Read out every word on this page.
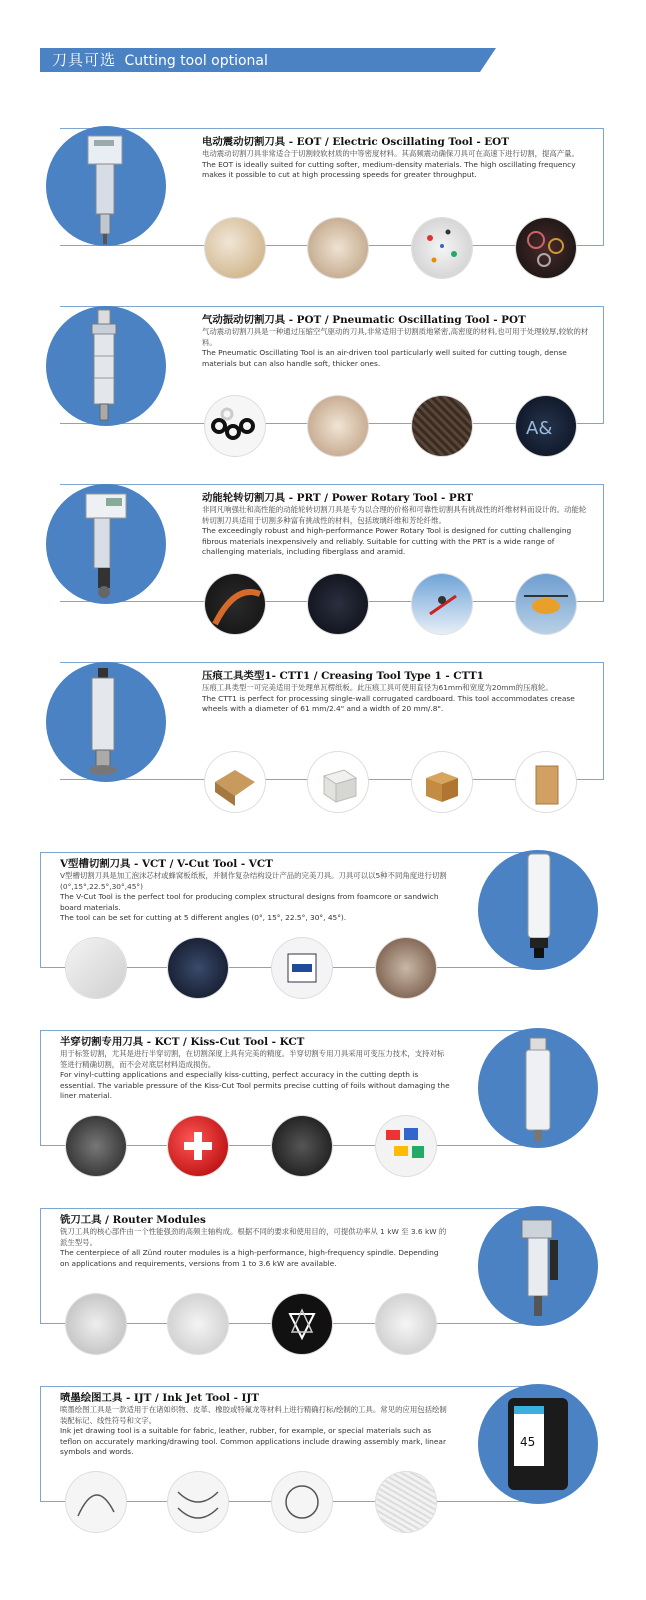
刀具可选 Cutting tool optional
电动震动切割刀具 - EOT / Electric Oscillating Tool - EOT
电动震动切割刀具非常适合于切割较软材质的中等密度材料。其高频震动确保刀具可在高速下进行切割，提高产量。
The EOT is ideally suited for cutting softer, medium-density materials. The high oscillating frequency makes it possible to cut at high processing speeds for greater throughput.
气动振动切割刀具 - POT / Pneumatic Oscillating Tool - POT
气动震动切割刀具是一种通过压缩空气驱动的刀具,非常适用于切割质地紧密,高密度的材料,也可用于处理较厚,较软的材料。
The Pneumatic Oscillating Tool is an air-driven tool particularly well suited for cutting tough, dense materials but can also handle soft, thicker ones.
A&
动能轮转切割刀具 - PRT / Power Rotary Tool - PRT
非同凡响强壮和高性能的动能轮转切割刀具是专为以合理的价格和可靠性切割具有挑战性的纤维材料而设计的。动能轮转切割刀具适用于切割多种富有挑战性的材料，包括玻璃纤维和芳纶纤维。
The exceedingly robust and high-performance Power Rotary Tool is designed for cutting challenging fibrous materials inexpensively and reliably. Suitable for cutting with the PRT is a wide range of challenging materials, including fiberglass and aramid.
压痕工具类型1- CTT1 / Creasing Tool Type 1 - CTT1
压痕工具类型一可完美适用于处理单瓦楞纸板。此压痕工具可使用直径为61mm和宽度为20mm的压痕轮。
The CTT1 is perfect for processing single-wall corrugated cardboard. This tool accommodates crease wheels with a diameter of 61 mm/2.4" and a width of 20 mm/.8".
V型槽切割刀具 - VCT / V-Cut Tool - VCT
V型槽切割刀具是加工泡沫芯材或蜂窝板纸板，并制作复杂结构设计产品的完美刀具。刀具可以以5种不同角度进行切割(0°,15°,22.5°,30°,45°)
The V-Cut Tool is the perfect tool for producing complex structural designs from foamcore or sandwich board materials.
The tool can be set for cutting at 5 different angles (0°, 15°, 22.5°, 30°, 45°).
半穿切割专用刀具 - KCT / Kiss-Cut Tool - KCT
用于标签切割，尤其是进行半穿切割，在切割深度上具有完美的精度。半穿切割专用刀具采用可变压力技术，支持对标签进行精确切割，而不会对底层材料造成损伤。
For vinyl-cutting applications and especially kiss-cutting, perfect accuracy in the cutting depth is essential. The variable pressure of the Kiss-Cut Tool permits precise cutting of foils without damaging the liner material.
铣刀工具 / Router Modules
铣刀工具的核心部件由一个性能强劲的高频主轴构成。根据不同的要求和使用目的，可提供功率从 1 kW 至 3.6 kW 的派生型号。
The centerpiece of all Zünd router modules is a high-performance, high-frequency spindle. Depending on applications and requirements, versions from 1 to 3.6 kW are available.
45
喷墨绘图工具 - IJT / Ink Jet Tool - IJT
喷墨绘图工具是一款适用于在诸如织物、皮革、橡胶或特氟龙等材料上进行精确打标/绘制的工具。常见的应用包括绘制装配标记、线性符号和文字。
Ink jet drawing tool is a suitable for fabric, leather, rubber, for example, or special materials such as teflon on accurately marking/drawing tool. Common applications include drawing assembly mark, linear symbols and words.
